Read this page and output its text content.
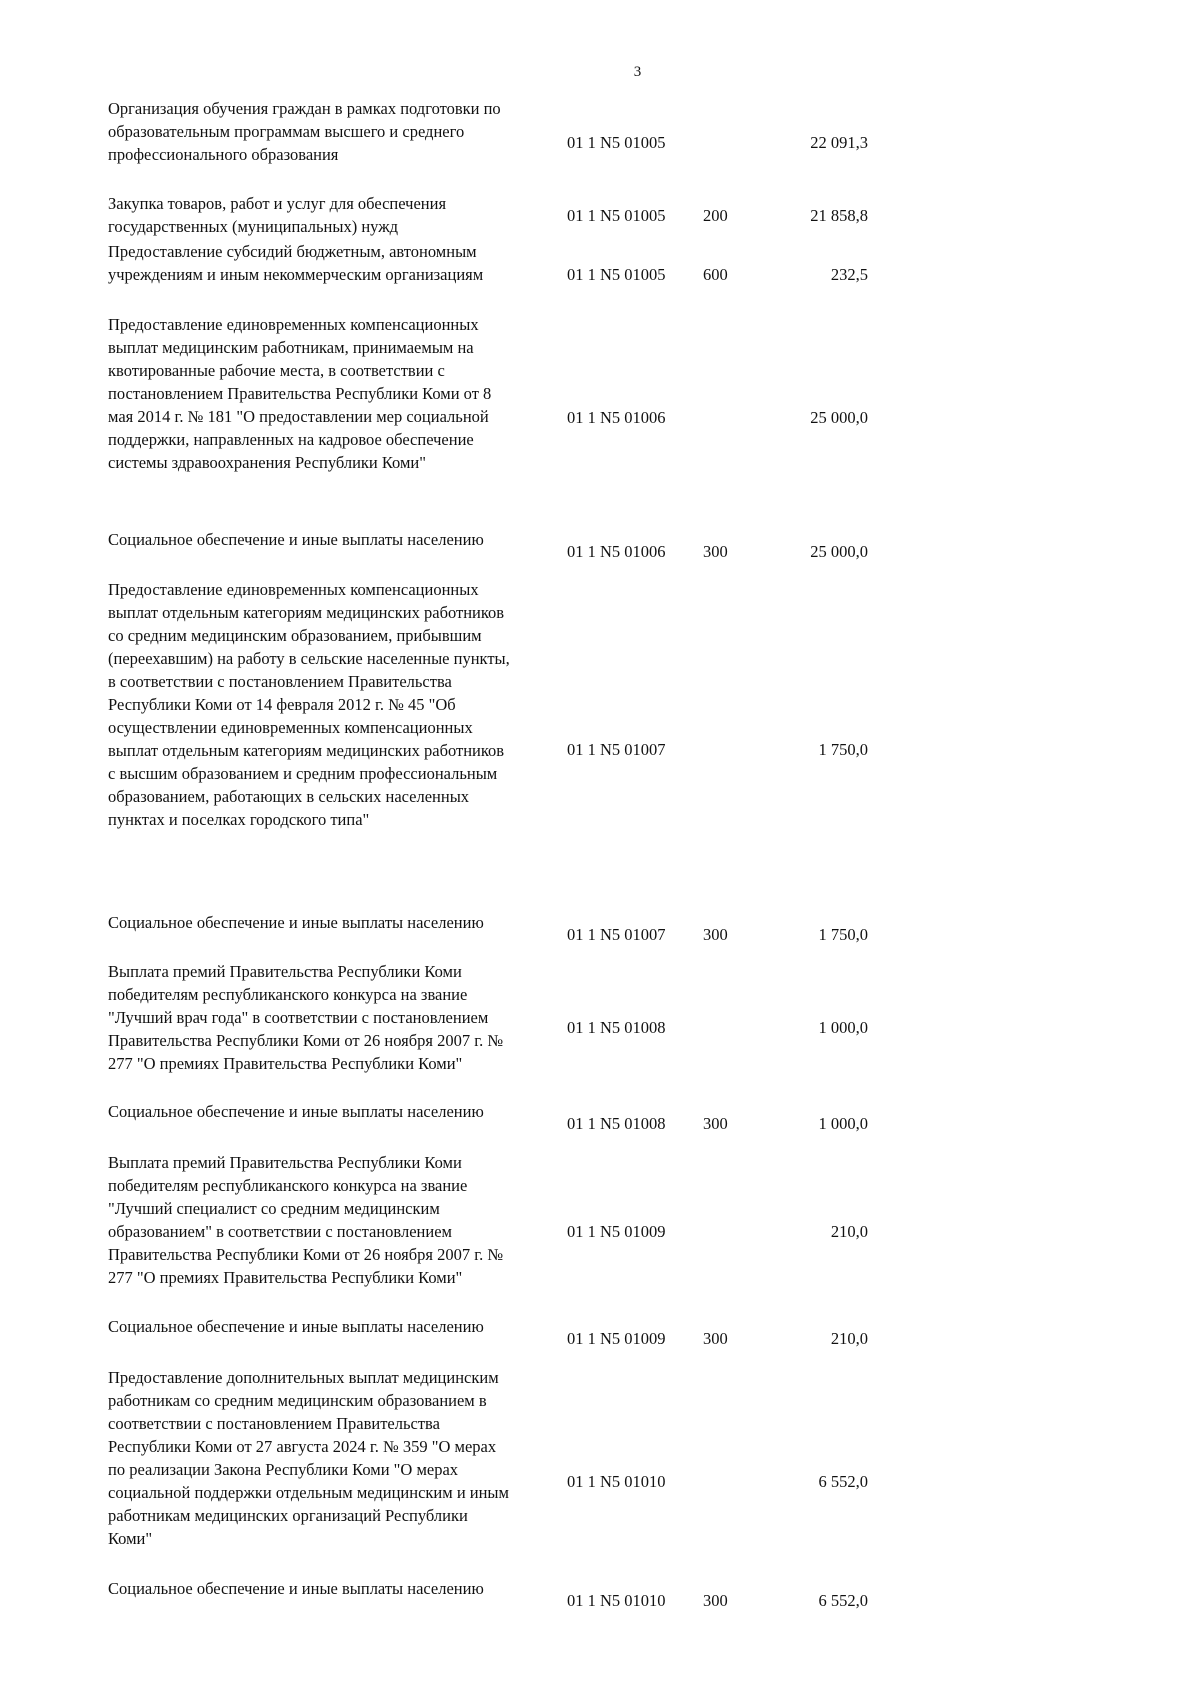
3
Организация обучения граждан в рамках подготовки по
образовательным программам высшего и среднего
профессионального образования
01 1 N5 01005	22 091,3
Закупка товаров, работ и услуг для обеспечения
государственных (муниципальных) нужд
01 1 N5 01005 200	21 858,8
Предоставление субсидий бюджетным, автономным
учреждениям и иным некоммерческим организациям	01 1 N5 01005 600	232,5
Предоставление единовременных компенсационных
выплат медицинским работникам, принимаемым на
квотированные рабочие места, в соответствии с
постановлением Правительства Республики Коми от 8
мая 2014 г. № 181 "О предоставлении мер социальной
поддержки, направленных на кадровое обеспечение
системы здравоохранения Республики Коми"
01 1 N5 01006	25 000,0
Социальное обеспечение и иные выплаты населению
01 1 N5 01006 300	25 000,0
Предоставление единовременных компенсационных
выплат отдельным категориям медицинских работников
со средним медицинским образованием, прибывшим
(переехавшим) на работу в сельские населенные пункты,
в соответствии с постановлением Правительства
Республики Коми от 14 февраля 2012 г. № 45 "Об
осуществлении единовременных компенсационных
выплат отдельным категориям медицинских работников
с высшим образованием и средним профессиональным
образованием, работающих в сельских населенных
пунктах и поселках городского типа"
01 1 N5 01007	1 750,0
Социальное обеспечение и иные выплаты населению
01 1 N5 01007 300	1 750,0
Выплата премий Правительства Республики Коми
победителям республиканского конкурса на звание
"Лучший врач года" в соответствии с постановлением
Правительства Республики Коми от 26 ноября 2007 г. №
277 "О премиях Правительства Республики Коми"
01 1 N5 01008	1 000,0
Социальное обеспечение и иные выплаты населению
01 1 N5 01008 300	1 000,0
Выплата премий Правительства Республики Коми
победителям республиканского конкурса на звание
"Лучший специалист со средним медицинским
образованием" в соответствии с постановлением
Правительства Республики Коми от 26 ноября 2007 г. №
277 "О премиях Правительства Республики Коми"
01 1 N5 01009	210,0
Социальное обеспечение и иные выплаты населению
01 1 N5 01009 300	210,0
Предоставление дополнительных выплат медицинским
работникам со средним медицинским образованием в
соответствии с постановлением Правительства
Республики Коми от 27 августа 2024 г. № 359 "О мерах
по реализации Закона Республики Коми "О мерах
социальной поддержки отдельным медицинским и иным
работникам медицинских организаций Республики
Коми"
01 1 N5 01010	6 552,0
Социальное обеспечение и иные выплаты населению
01 1 N5 01010 300	6 552,0
